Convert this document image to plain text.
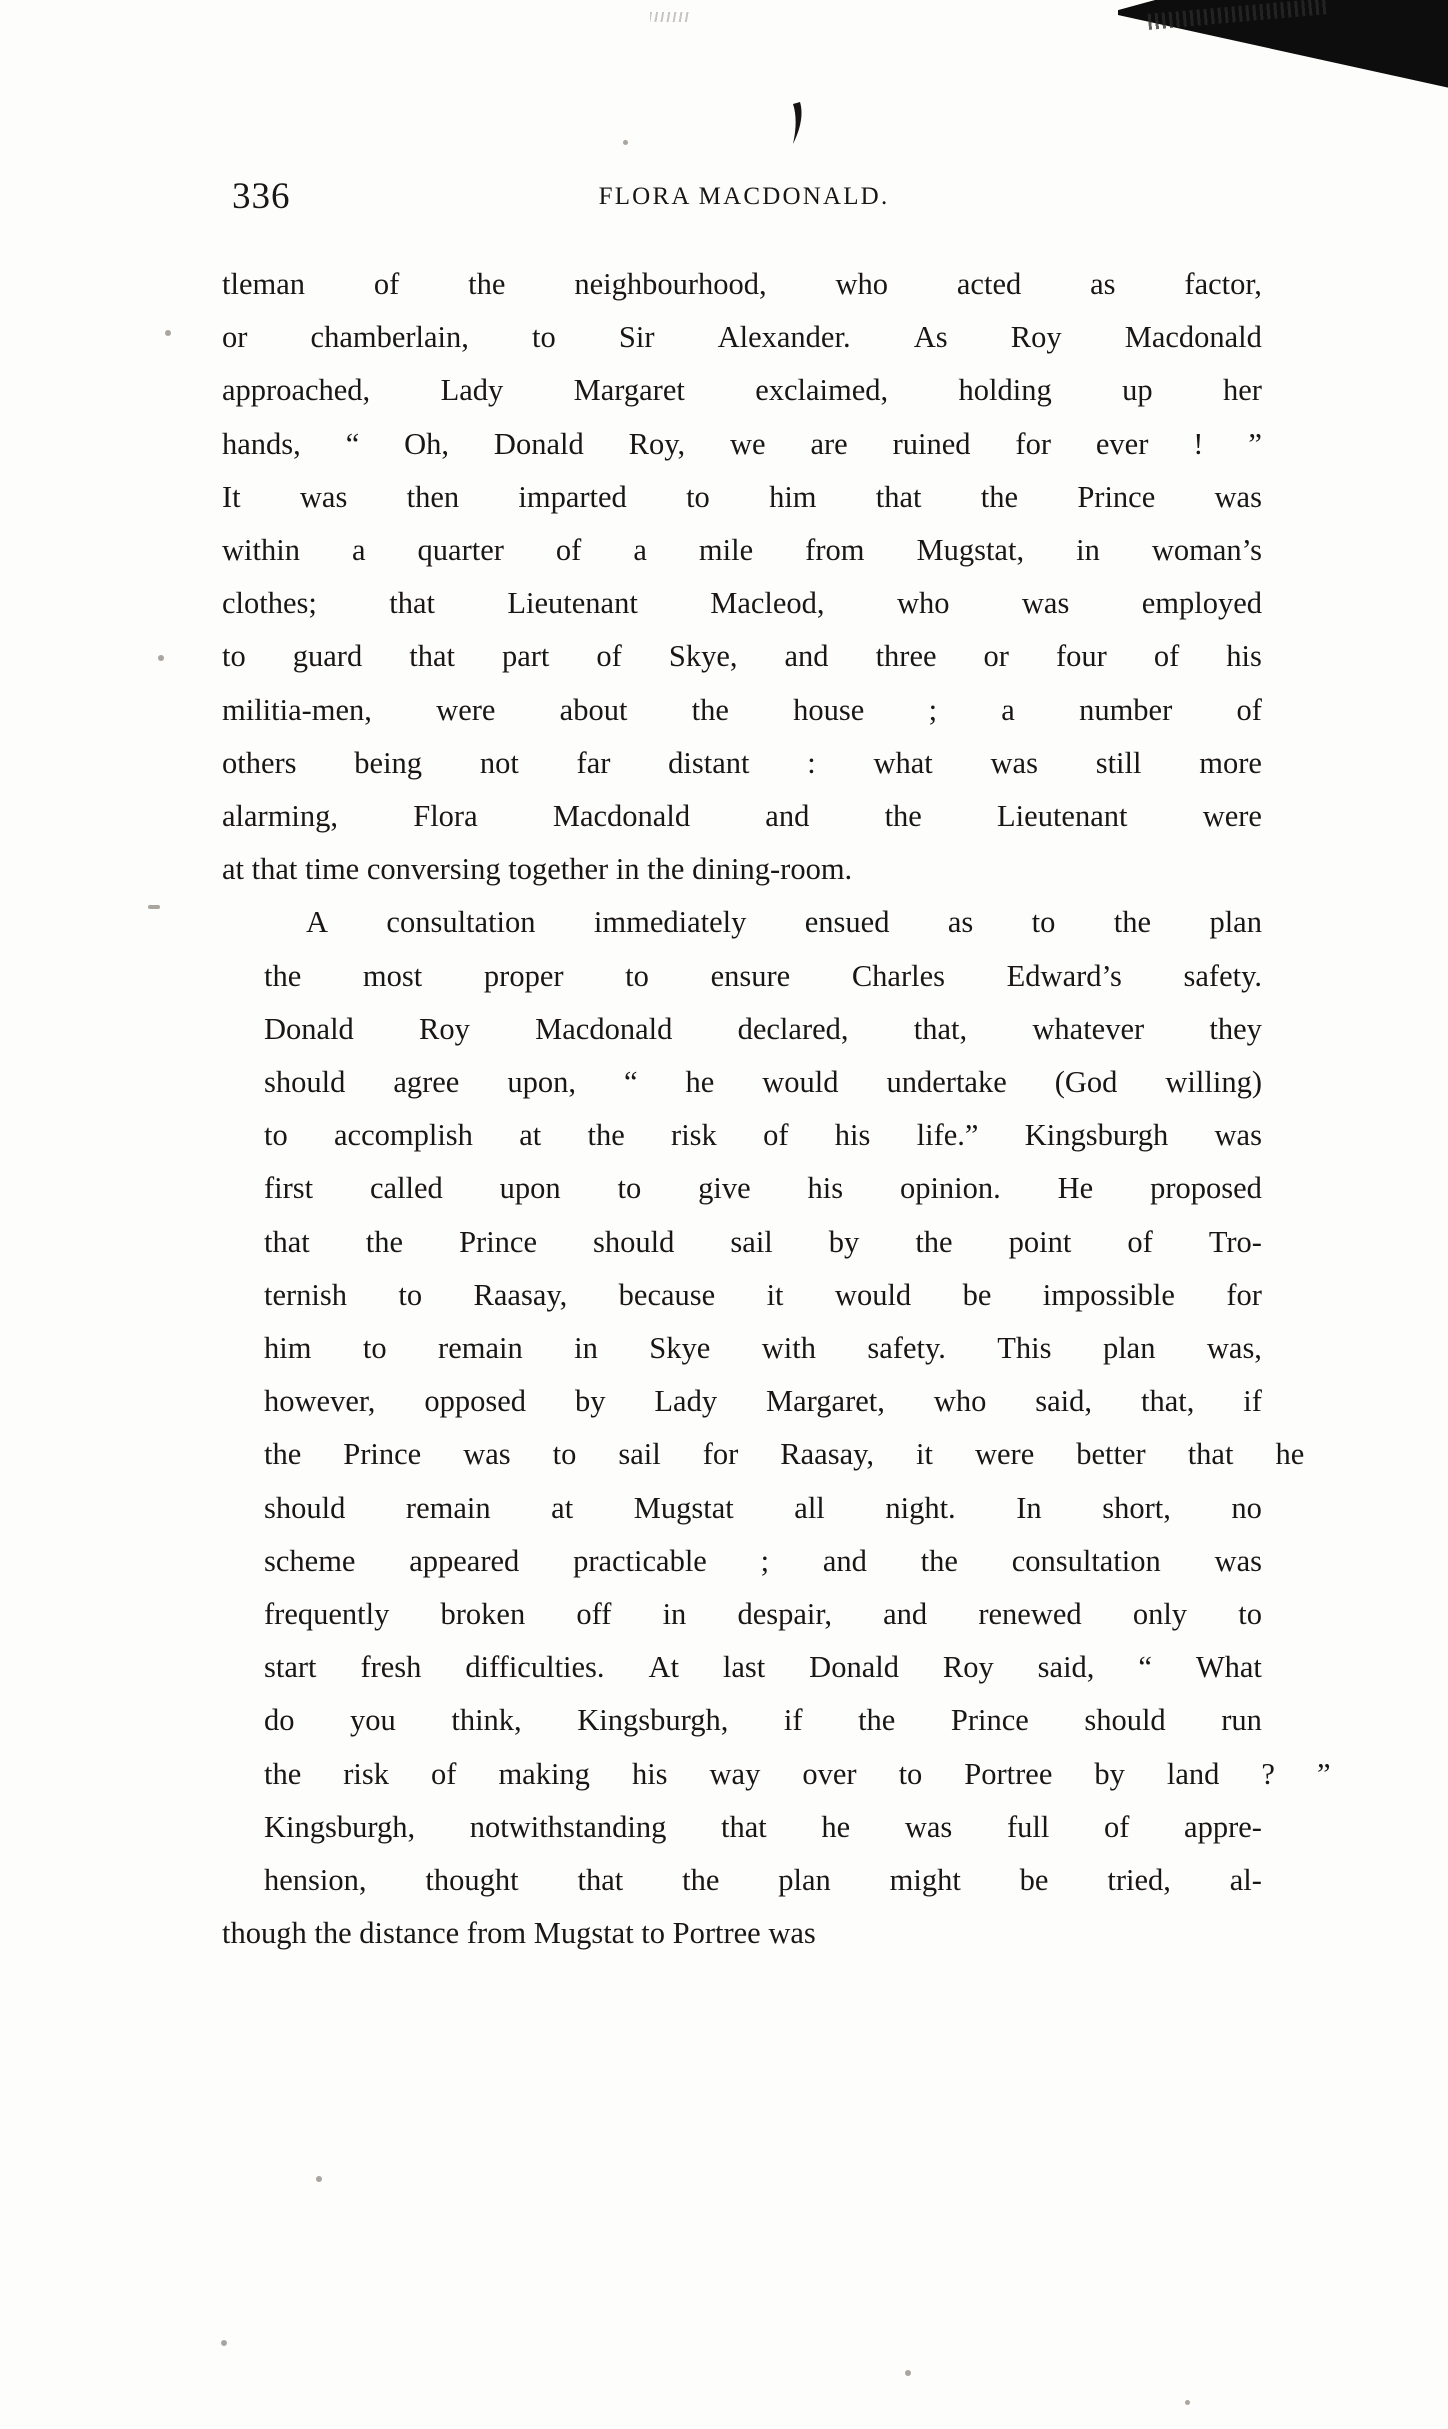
336	FLORA MACDONALD.

tleman of the neighbourhood, who acted as factor,
or chamberlain, to Sir Alexander. As Roy Macdonald
approached, Lady Margaret exclaimed, holding up her
hands, “ Oh, Donald Roy, we are ruined for ever ! ”
It was then imparted to him that the Prince was
within a quarter of a mile from Mugstat, in woman’s
clothes; that Lieutenant Macleod, who was employed
to guard that part of Skye, and three or four of his
militia-men, were about the house ; a number of
others being not far distant : what was still more
alarming, Flora Macdonald and the Lieutenant were
at that time conversing together in the dining-room.

A	consultation	immediately	ensued	as	to	the	plan
the	most	proper	to	ensure	Charles	Edward’s	safety.
Donald	Roy	Macdonald	declared,	that,	whatever	they
should	agree	upon,	“	he	would	undertake	(God	willing)
to	accomplish	at	the	risk	of	his	life.”	Kingsburgh	was
first	called	upon	to	give	his	opinion.	He	proposed
that	the	Prince	should	sail	by	the	point	of	Tro-
ternish	to	Raasay,	because	it	would	be	impossible	for
him	to	remain	in	Skye	with	safety.	This	plan	was,
however,	opposed	by	Lady	Margaret,	who	said,	that,	if
the	Prince	was	to	sail	for	Raasay,	it	were	better	that	he
should	remain	at	Mugstat	all	night.	In	short,	no
scheme	appeared	practicable	;	and	the	consultation	was
frequently	broken	off	in	despair,	and	renewed	only	to
start	fresh	difficulties.	At	last	Donald	Roy	said,	“	What
do	you	think,	Kingsburgh,	if	the	Prince	should	run
the	risk	of	making	his	way	over	to	Portree	by	land	?	”
Kingsburgh,	notwithstanding	that	he	was	full	of	appre-
hension,	thought	that	the	plan	might	be	tried,	al-
though the distance from Mugstat to Portree was
